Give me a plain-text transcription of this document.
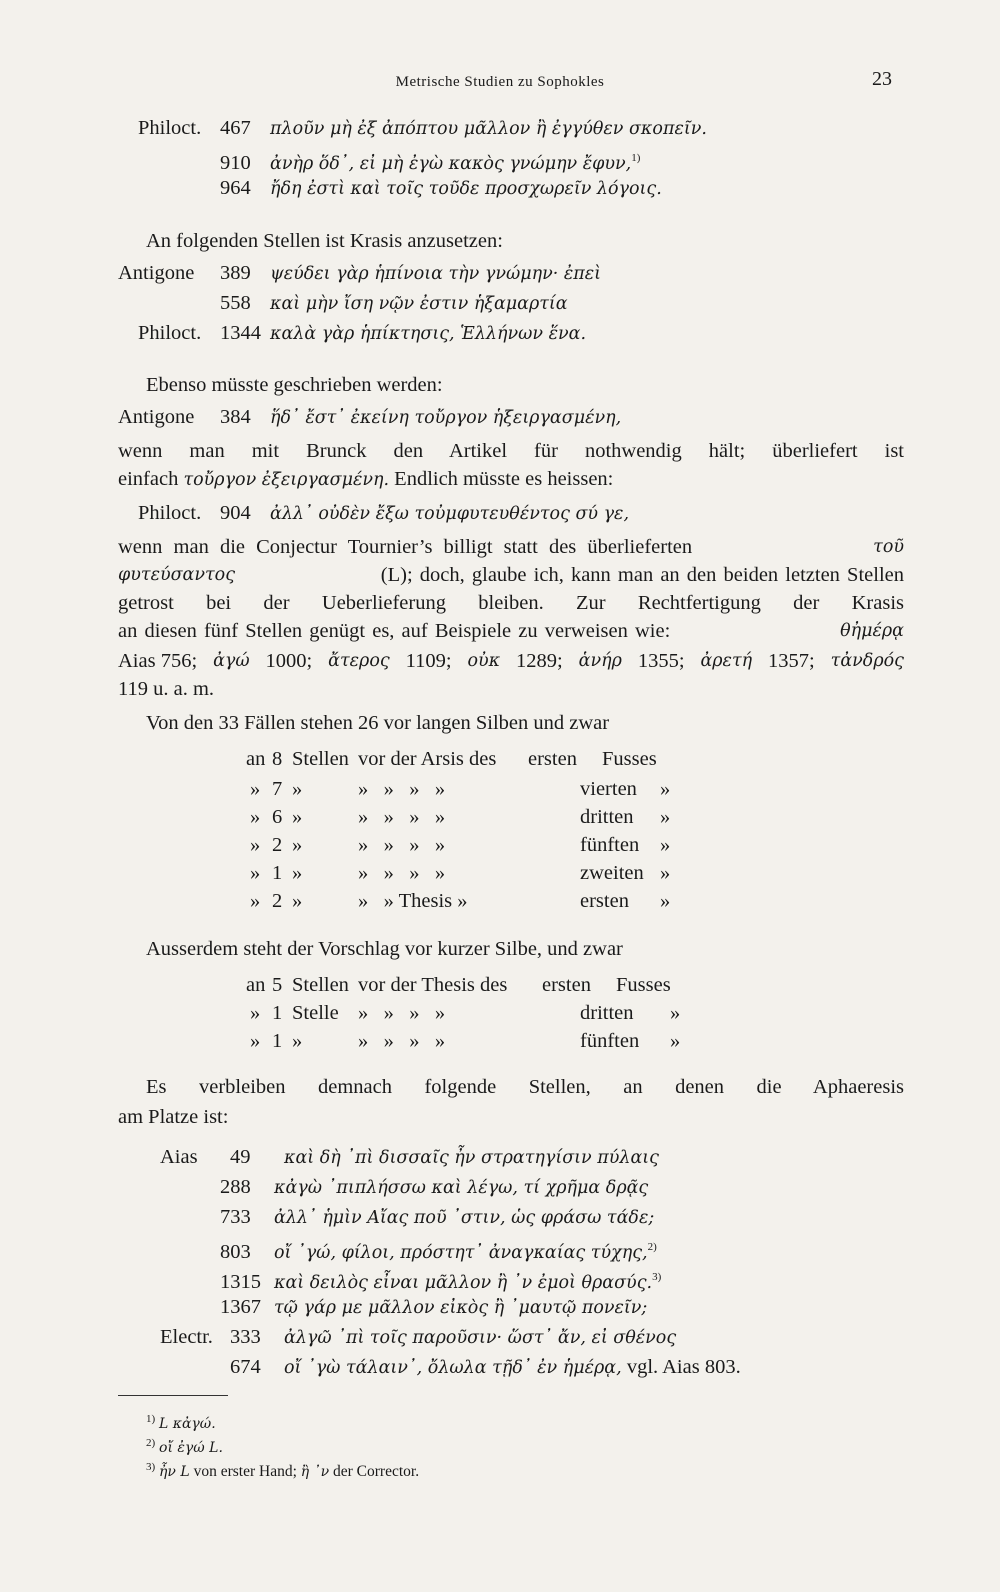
Metrische Studien zu Sophokles	23
Philoct. 467 πλοῦν μὴ ἐξ ἀπόπτου μᾶλλον ἢ ἐγγύθεν σκοπεῖν.
910 ἀνὴρ ὅδ᾽, εἰ μὴ ἐγὼ κακὸς γνώμην ἔφυν,$^{1)}$
964 ἤδη ἐστὶ καὶ τοῖς τοῦδε προσχωρεῖν λόγοις.
An folgenden Stellen ist Krasis anzusetzen:
Antigone 389 ψεύδει γὰρ ἡπίνοια τὴν γνώμην· ἐπεὶ
558 καὶ μὴν ἴση νῷν ἐστιν ἡξαμαρτία
Philoct. 1344 καλὰ γὰρ ἡπίκτησις, Ἑλλήνων ἕνα.
Ebenso müsste geschrieben werden:
Antigone 384 ἥδ᾽ ἔστ᾽ ἐκείνη τοὔργον ἡξειργασμένη,
wenn man mit Brunck den Artikel für nothwendig hält; überliefert ist
einfach τοὔργον ἐξειργασμένη. Endlich müsste es heissen:
Philoct. 904 ἀλλ᾽ οὐδὲν ἔξω τοὐμφυτευθέντος σύ γε,
wenn man die Conjectur Tournier’s billigt statt des überlieferten	τοῦ
φυτεύσαντος	(L); doch, glaube ich, kann man an den beiden letzten Stellen
getrost bei der Ueberlieferung bleiben. Zur Rechtfertigung der Krasis
an diesen fünf Stellen genügt es, auf Beispiele zu verweisen wie:	θἠμέρᾳ
Aias 756; ἀγώ 1000; ἄτερος 1109; οὐκ 1289; ἁνήρ 1355; ἀρετή 1357; τἀνδρός
119 u. a. m.
Von den 33 Fällen stehen 26 vor langen Silben und zwar
an 8 Stellen vor der Arsis des ersten Fusses
» 7 »	»   »   »   »	vierten »
» 6 »	»   »   »   »	dritten »
» 2 »	»   »   »   »	fünften »
» 1 »	»   »   »   »	zweiten »
» 2 »	»   » Thesis »	ersten »
Ausserdem steht der Vorschlag vor kurzer Silbe, und zwar
an 5 Stellen vor der Thesis des ersten Fusses
» 1 Stelle »   »   »   »	dritten »
» 1 »	»   »   »   »	fünften »
Es verbleiben demnach folgende Stellen, an denen die Aphaeresis
am Platze ist:
Aias 49 καὶ δὴ ᾽πὶ δισσαῖς ἦν στρατηγίσιν πύλαις
288 κἀγὼ ᾽πιπλήσσω καὶ λέγω, τί χρῆμα δρᾷς
733 ἀλλ᾽ ἡμὶν Αἴας ποῦ ᾽στιν, ὡς φράσω τάδε;
803 οἴ ᾽γώ, φίλοι, πρόστητ᾽ ἀναγκαίας τύχης,$^{2)}$
1315 καὶ δειλὸς εἶναι μᾶλλον ἢ ᾽ν ἐμοὶ θρασύς.$^{3)}$
1367 τῷ γάρ με μᾶλλον εἰκὸς ἢ ᾽μαυτῷ πονεῖν;
Electr. 333 ἀλγῶ ᾽πὶ τοῖς παροῦσιν· ὥστ᾽ ἄν, εἰ σθένος
674 οἴ ᾽γὼ τάλαιν᾽, ὄλωλα τῇδ᾽ ἐν ἡμέρᾳ, vgl. Aias 803.
$^{1)}$ L κἀγώ.
$^{2)}$ οἴ ἐγώ L.
$^{3)}$ ἦν L von erster Hand; ἢ ᾽ν der Corrector.
